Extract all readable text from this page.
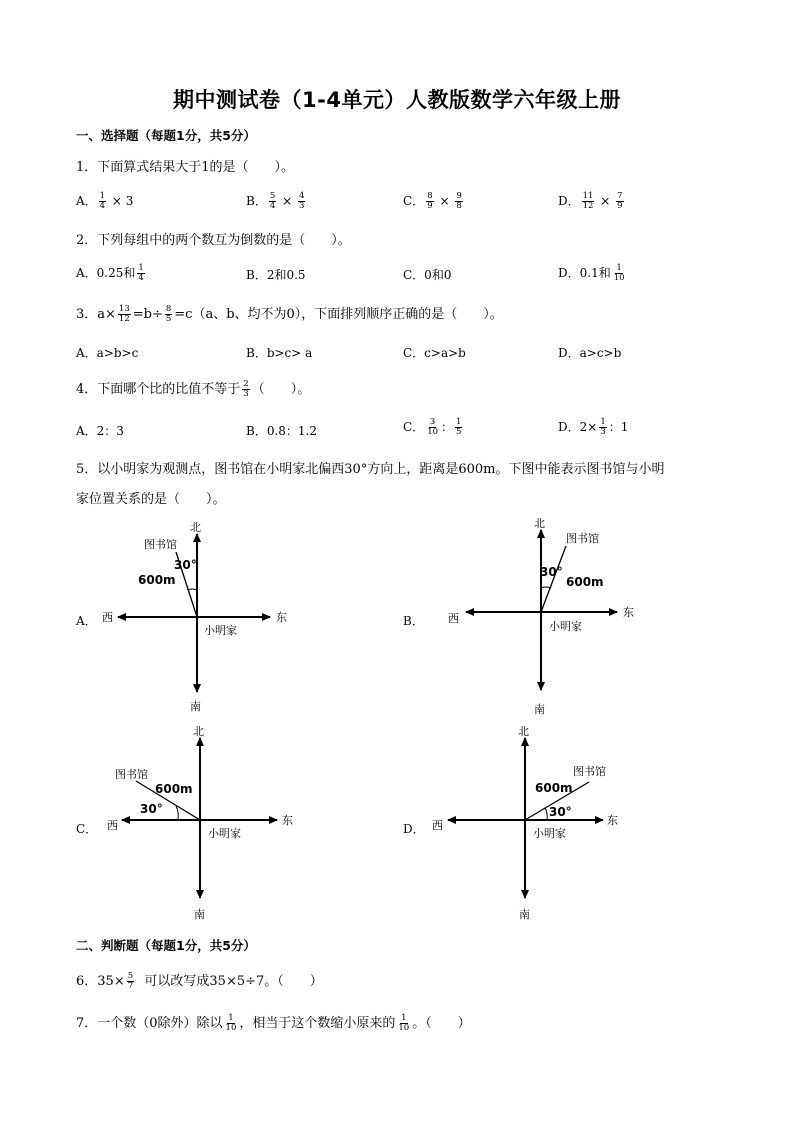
期中测试卷（1-4单元）人教版数学六年级上册
一、选择题（每题1分，共5分）
1．下面算式结果大于1的是（　　）。
A． $\frac{1}{4} \times 3$	B． $\frac{5}{4} \times \frac{4}{3}$	C． $\frac{8}{9} \times \frac{9}{8}$	D． $\frac{11}{12} \times \frac{7}{9}$
2．下列每组中的两个数互为倒数的是（　　）。
A．0.25和 $\frac{1}{4}$	B．2和0.5	C．0和0	D．0.1和 $\frac{1}{10}$
3．$a\times \frac{13}{12} =b\div \frac{8}{5} =c(a$、b、均不为0），下面排列顺序正确的是（　　）。
A．a>b>c	B．b>c> a	C．c>a>b	D．a>c>b
4．下面哪个比的比值不等于 $\frac{2}{3}$ （　　）。
A．2：3	B．0.8：1.2	C． $\frac{3}{10}$ ： $\frac{1}{5}$	D．$2\times \frac{1}{3}$ ：1
5．以小明家为观测点，图书馆在小明家北偏西30°方向上，距离是600m。下图中能表示图书馆与小明
家位置关系的是（　　）。
A．	B．
C．	D．
北
南
东
西
小明家
图书馆
30°
600m
北
南
东
西
小明家
图书馆
30°
600m
北
南
东
西
小明家
图书馆
30°
600m
北
南
东
西
小明家
图书馆
30°
600m
二、判断题（每题1分，共5分）
6．$35\times \frac{5}{7}$ 可以改写成35×5÷7。（　　）
7．一个数（0除外）除以 $\frac{1}{10}$ ，相当于这个数缩小原来的 $\frac{1}{10}$ 。（　　）
